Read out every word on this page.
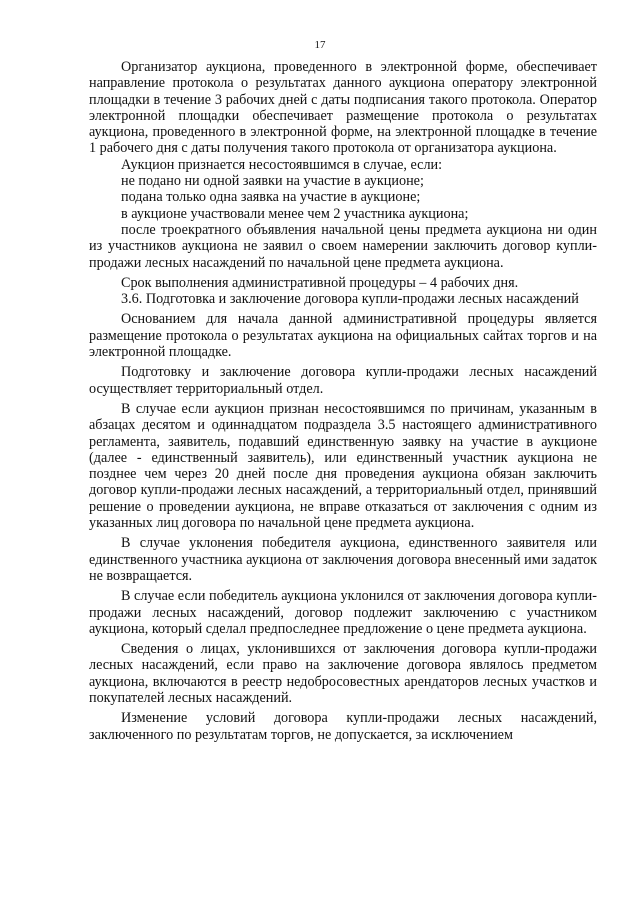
17

Организатор аукциона, проведенного в электронной форме, обеспечивает направление протокола о результатах данного аукциона оператору электронной площадки в течение 3 рабочих дней с даты подписания такого протокола. Оператор электронной площадки обеспечивает размещение протокола о результатах аукциона, проведенного в электронной форме, на электронной площадке в течение 1 рабочего дня с даты получения такого протокола от организатора аукциона.

Аукцион признается несостоявшимся в случае, если:

не подано ни одной заявки на участие в аукционе;

подана только одна заявка на участие в аукционе;

в аукционе участвовали менее чем 2 участника аукциона;

после троекратного объявления начальной цены предмета аукциона ни один из участников аукциона не заявил о своем намерении заключить договор купли-продажи лесных насаждений по начальной цене предмета аукциона.

Срок выполнения административной процедуры – 4 рабочих дня.

3.6. Подготовка и заключение договора купли-продажи лесных насаждений

Основанием для начала данной административной процедуры является размещение протокола о результатах аукциона на официальных сайтах торгов и на электронной площадке.

Подготовку и заключение договора купли-продажи лесных насаждений осуществляет территориальный отдел.

В случае если аукцион признан несостоявшимся по причинам, указанным в абзацах десятом и одиннадцатом подраздела 3.5 настоящего административного регламента, заявитель, подавший единственную заявку на участие в аукционе (далее - единственный заявитель), или единственный участник аукциона не позднее чем через 20 дней после дня проведения аукциона обязан заключить договор купли-продажи лесных насаждений, а территориальный отдел, принявший решение о проведении аукциона, не вправе отказаться от заключения с одним из указанных лиц договора по начальной цене предмета аукциона.

В случае уклонения победителя аукциона, единственного заявителя или единственного участника аукциона от заключения договора внесенный ими задаток не возвращается.

В случае если победитель аукциона уклонился от заключения договора купли-продажи лесных насаждений, договор подлежит заключению с участником аукциона, который сделал предпоследнее предложение о цене предмета аукциона.

Сведения о лицах, уклонившихся от заключения договора купли-продажи лесных насаждений, если право на заключение договора являлось предметом аукциона, включаются в реестр недобросовестных арендаторов лесных участков и покупателей лесных насаждений.

Изменение условий договора купли-продажи лесных насаждений, заключенного по результатам торгов, не допускается, за исключением
